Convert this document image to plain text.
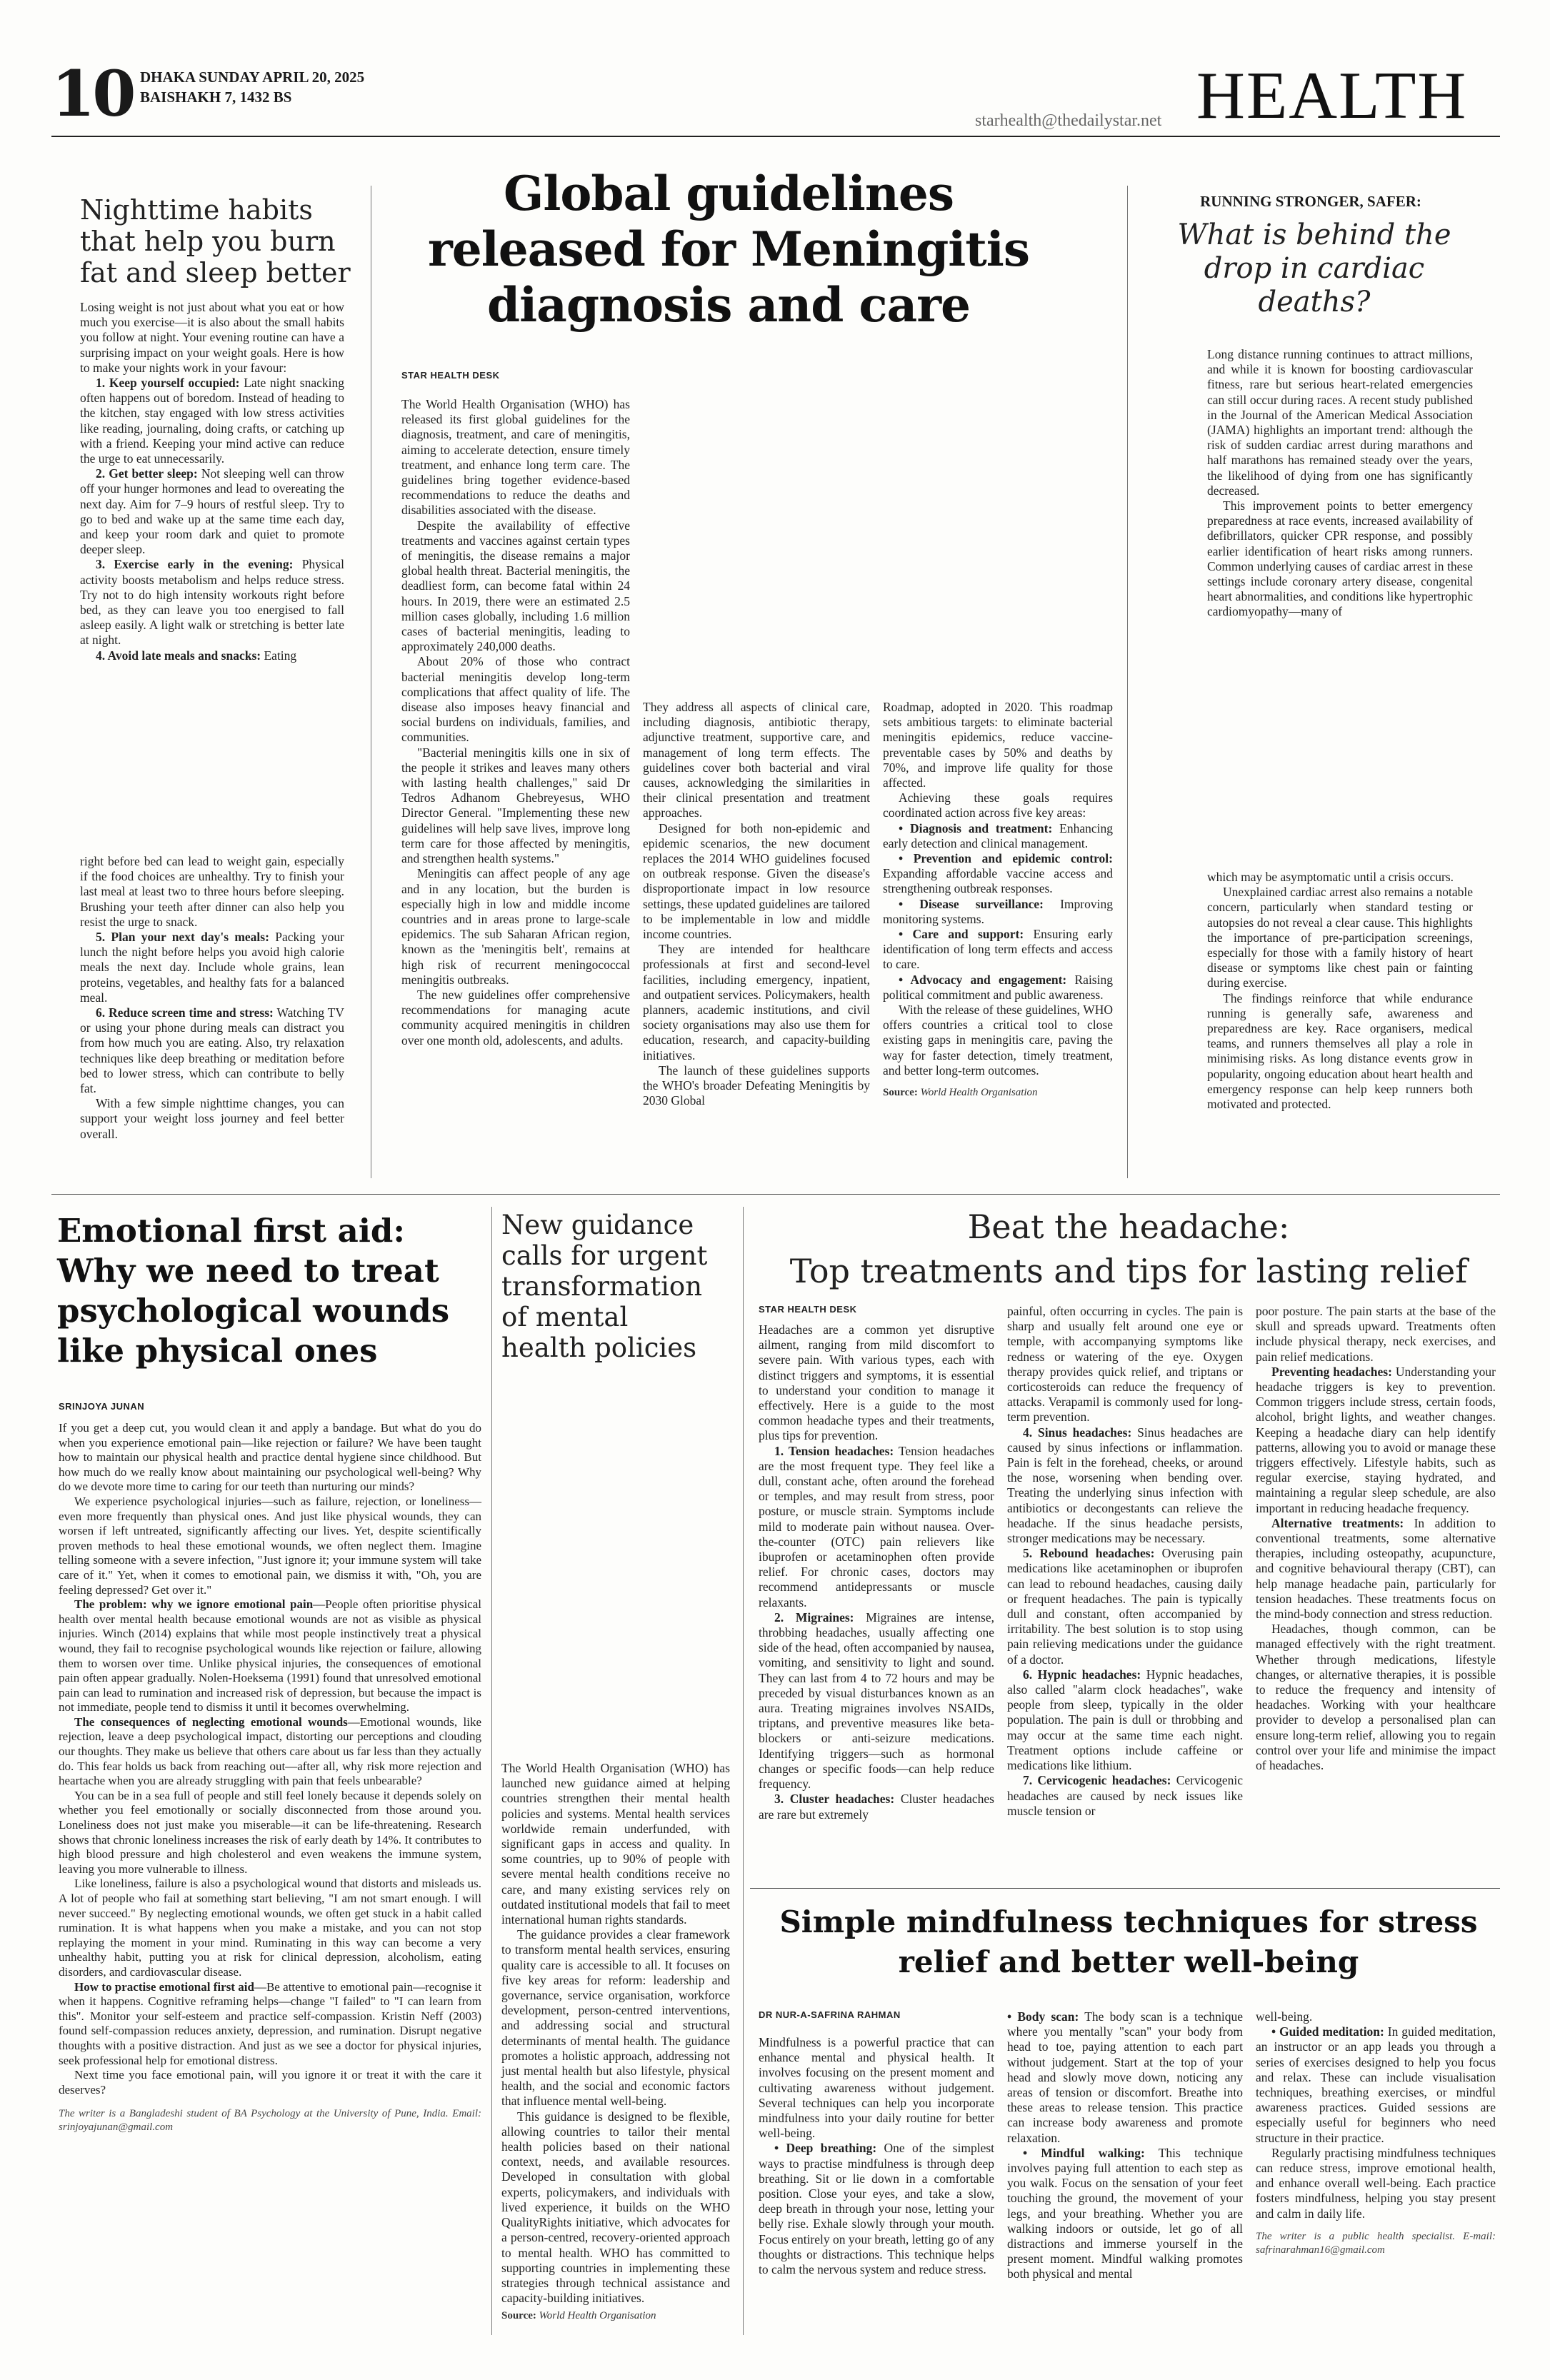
10 DHAKA SUNDAY APRIL 20, 2025
BAISHAKH 7, 1432 BS
starhealth@thedailystar.net HEALTH
Nighttime habits that help you burn fat and sleep better

Losing weight is not just about what you eat or how much you exercise—it is also about the small habits you follow at night. Your evening routine can have a surprising impact on your weight goals. Here is how to make your nights work in your favour:

1. Keep yourself occupied: Late night snacking often happens out of boredom. Instead of heading to the kitchen, stay engaged with low stress activities like reading, journaling, doing crafts, or catching up with a friend. Keeping your mind active can reduce the urge to eat unnecessarily.

2. Get better sleep: Not sleeping well can throw off your hunger hormones and lead to overeating the next day. Aim for 7–9 hours of restful sleep. Try to go to bed and wake up at the same time each day, and keep your room dark and quiet to promote deeper sleep.

3. Exercise early in the evening: Physical activity boosts metabolism and helps reduce stress. Try not to do high intensity workouts right before bed, as they can leave you too energised to fall asleep easily. A light walk or stretching is better late at night.

4. Avoid late meals and snacks: Eating

right before bed can lead to weight gain, especially if the food choices are unhealthy. Try to finish your last meal at least two to three hours before sleeping. Brushing your teeth after dinner can also help you resist the urge to snack.

5. Plan your next day's meals: Packing your lunch the night before helps you avoid high calorie meals the next day. Include whole grains, lean proteins, vegetables, and healthy fats for a balanced meal.

6. Reduce screen time and stress: Watching TV or using your phone during meals can distract you from how much you are eating. Also, try relaxation techniques like deep breathing or meditation before bed to lower stress, which can contribute to belly fat.

With a few simple nighttime changes, you can support your weight loss journey and feel better overall.

Global guidelines released for Meningitis diagnosis and care
STAR HEALTH DESK

The World Health Organisation (WHO) has released its first global guidelines for the diagnosis, treatment, and care of meningitis, aiming to accelerate detection, ensure timely treatment, and enhance long term care. The guidelines bring together evidence-based recommendations to reduce the deaths and disabilities associated with the disease.

Despite the availability of effective treatments and vaccines against certain types of meningitis, the disease remains a major global health threat. Bacterial meningitis, the deadliest form, can become fatal within 24 hours. In 2019, there were an estimated 2.5 million cases globally, including 1.6 million cases of bacterial meningitis, leading to approximately 240,000 deaths.

About 20% of those who contract bacterial meningitis develop long-term complications that affect quality of life. The disease also imposes heavy financial and social burdens on individuals, families, and communities.

"Bacterial meningitis kills one in six of the people it strikes and leaves many others with lasting health challenges," said Dr Tedros Adhanom Ghebreyesus, WHO Director General. "Implementing these new guidelines will help save lives, improve long term care for those affected by meningitis, and strengthen health systems."

Meningitis can affect people of any age and in any location, but the burden is especially high in low and middle income countries and in areas prone to large-scale epidemics. The sub Saharan African region, known as the 'meningitis belt', remains at high risk of recurrent meningococcal meningitis outbreaks.

The new guidelines offer comprehensive recommendations for managing acute community acquired meningitis in children over one month old, adolescents, and adults.

They address all aspects of clinical care, including diagnosis, antibiotic therapy, adjunctive treatment, supportive care, and management of long term effects. The guidelines cover both bacterial and viral causes, acknowledging the similarities in their clinical presentation and treatment approaches.

Designed for both non-epidemic and epidemic scenarios, the new document replaces the 2014 WHO guidelines focused on outbreak response. Given the disease's disproportionate impact in low resource settings, these updated guidelines are tailored to be implementable in low and middle income countries.

They are intended for healthcare professionals at first and second-level facilities, including emergency, inpatient, and outpatient services. Policymakers, health planners, academic institutions, and civil society organisations may also use them for education, research, and capacity-building initiatives.

The launch of these guidelines supports the WHO's broader Defeating Meningitis by 2030 Global

Roadmap, adopted in 2020. This roadmap sets ambitious targets: to eliminate bacterial meningitis epidemics, reduce vaccine-preventable cases by 50% and deaths by 70%, and improve life quality for those affected.

Achieving these goals requires coordinated action across five key areas:

• Diagnosis and treatment: Enhancing early detection and clinical management.

• Prevention and epidemic control: Expanding affordable vaccine access and strengthening outbreak responses.

• Disease surveillance: Improving monitoring systems.

• Care and support: Ensuring early identification of long term effects and access to care.

• Advocacy and engagement: Raising political commitment and public awareness.

With the release of these guidelines, WHO offers countries a critical tool to close existing gaps in meningitis care, paving the way for faster detection, timely treatment, and better long-term outcomes.

Source: World Health Organisation
RUNNING STRONGER, SAFER:
What is behind the drop in cardiac deaths?

Long distance running continues to attract millions, and while it is known for boosting cardiovascular fitness, rare but serious heart-related emergencies can still occur during races. A recent study published in the Journal of the American Medical Association (JAMA) highlights an important trend: although the risk of sudden cardiac arrest during marathons and half marathons has remained steady over the years, the likelihood of dying from one has significantly decreased.

This improvement points to better emergency preparedness at race events, increased availability of defibrillators, quicker CPR response, and possibly earlier identification of heart risks among runners. Common underlying causes of cardiac arrest in these settings include coronary artery disease, congenital heart abnormalities, and conditions like hypertrophic cardiomyopathy—many of

which may be asymptomatic until a crisis occurs.

Unexplained cardiac arrest also remains a notable concern, particularly when standard testing or autopsies do not reveal a clear cause. This highlights the importance of pre-participation screenings, especially for those with a family history of heart disease or symptoms like chest pain or fainting during exercise.

The findings reinforce that while endurance running is generally safe, awareness and preparedness are key. Race organisers, medical teams, and runners themselves all play a role in minimising risks. As long distance events grow in popularity, ongoing education about heart health and emergency response can help keep runners both motivated and protected.

Emotional first aid: Why we need to treat psychological wounds like physical ones
SRINJOYA JUNAN

If you get a deep cut, you would clean it and apply a bandage. But what do you do when you experience emotional pain—like rejection or failure? We have been taught how to maintain our physical health and practice dental hygiene since childhood. But how much do we really know about maintaining our psychological well-being? Why do we devote more time to caring for our teeth than nurturing our minds?

We experience psychological injuries—such as failure, rejection, or loneliness—even more frequently than physical ones. And just like physical wounds, they can worsen if left untreated, significantly affecting our lives. Yet, despite scientifically proven methods to heal these emotional wounds, we often neglect them. Imagine telling someone with a severe infection, "Just ignore it; your immune system will take care of it." Yet, when it comes to emotional pain, we dismiss it with, "Oh, you are feeling depressed? Get over it."

The problem: why we ignore emotional pain—People often prioritise physical health over mental health because emotional wounds are not as visible as physical injuries. Winch (2014) explains that while most people instinctively treat a physical wound, they fail to recognise psychological wounds like rejection or failure, allowing them to worsen over time. Unlike physical injuries, the consequences of emotional pain often appear gradually. Nolen-Hoeksema (1991) found that unresolved emotional pain can lead to rumination and increased risk of depression, but because the impact is not immediate, people tend to dismiss it until it becomes overwhelming.

The consequences of neglecting emotional wounds—Emotional wounds, like rejection, leave a deep psychological impact, distorting our perceptions and clouding our thoughts. They make us believe that others care about us far less than they actually do. This fear holds us back from reaching out—after all, why risk more rejection and heartache when you are already struggling with pain that feels unbearable?

You can be in a sea full of people and still feel lonely because it depends solely on whether you feel emotionally or socially disconnected from those around you. Loneliness does not just make you miserable—it can be life-threatening. Research shows that chronic loneliness increases the risk of early death by 14%. It contributes to high blood pressure and high cholesterol and even weakens the immune system, leaving you more vulnerable to illness.

Like loneliness, failure is also a psychological wound that distorts and misleads us. A lot of people who fail at something start believing, "I am not smart enough. I will never succeed." By neglecting emotional wounds, we often get stuck in a habit called rumination. It is what happens when you make a mistake, and you can not stop replaying the moment in your mind. Ruminating in this way can become a very unhealthy habit, putting you at risk for clinical depression, alcoholism, eating disorders, and cardiovascular disease.

How to practise emotional first aid—Be attentive to emotional pain—recognise it when it happens. Cognitive reframing helps—change "I failed" to "I can learn from this". Monitor your self-esteem and practice self-compassion. Kristin Neff (2003) found self-compassion reduces anxiety, depression, and rumination. Disrupt negative thoughts with a positive distraction. And just as we see a doctor for physical injuries, seek professional help for emotional distress.

Next time you face emotional pain, will you ignore it or treat it with the care it deserves?

The writer is a Bangladeshi student of BA Psychology at the University of Pune, India. Email: srinjoyajunan@gmail.com
New guidance calls for urgent transformation of mental health policies

The World Health Organisation (WHO) has launched new guidance aimed at helping countries strengthen their mental health policies and systems. Mental health services worldwide remain underfunded, with significant gaps in access and quality. In some countries, up to 90% of people with severe mental health conditions receive no care, and many existing services rely on outdated institutional models that fail to meet international human rights standards.

The guidance provides a clear framework to transform mental health services, ensuring quality care is accessible to all. It focuses on five key areas for reform: leadership and governance, service organisation, workforce development, person-centred interventions, and addressing social and structural determinants of mental health. The guidance promotes a holistic approach, addressing not just mental health but also lifestyle, physical health, and the social and economic factors that influence mental well-being.

This guidance is designed to be flexible, allowing countries to tailor their mental health policies based on their national context, needs, and available resources. Developed in consultation with global experts, policymakers, and individuals with lived experience, it builds on the WHO QualityRights initiative, which advocates for a person-centred, recovery-oriented approach to mental health. WHO has committed to supporting countries in implementing these strategies through technical assistance and capacity-building initiatives.

Source: World Health Organisation
Beat the headache:
Top treatments and tips for lasting relief
STAR HEALTH DESK

Headaches are a common yet disruptive ailment, ranging from mild discomfort to severe pain. With various types, each with distinct triggers and symptoms, it is essential to understand your condition to manage it effectively. Here is a guide to the most common headache types and their treatments, plus tips for prevention.

1. Tension headaches: Tension headaches are the most frequent type. They feel like a dull, constant ache, often around the forehead or temples, and may result from stress, poor posture, or muscle strain. Symptoms include mild to moderate pain without nausea. Over-the-counter (OTC) pain relievers like ibuprofen or acetaminophen often provide relief. For chronic cases, doctors may recommend antidepressants or muscle relaxants.

2. Migraines: Migraines are intense, throbbing headaches, usually affecting one side of the head, often accompanied by nausea, vomiting, and sensitivity to light and sound. They can last from 4 to 72 hours and may be preceded by visual disturbances known as an aura. Treating migraines involves NSAIDs, triptans, and preventive measures like beta-blockers or anti-seizure medications. Identifying triggers—such as hormonal changes or specific foods—can help reduce frequency.

3. Cluster headaches: Cluster headaches are rare but extremely

painful, often occurring in cycles. The pain is sharp and usually felt around one eye or temple, with accompanying symptoms like redness or watering of the eye. Oxygen therapy provides quick relief, and triptans or corticosteroids can reduce the frequency of attacks. Verapamil is commonly used for long-term prevention.

4. Sinus headaches: Sinus headaches are caused by sinus infections or inflammation. Pain is felt in the forehead, cheeks, or around the nose, worsening when bending over. Treating the underlying sinus infection with antibiotics or decongestants can relieve the headache. If the sinus headache persists, stronger medications may be necessary.

5. Rebound headaches: Overusing pain medications like acetaminophen or ibuprofen can lead to rebound headaches, causing daily or frequent headaches. The pain is typically dull and constant, often accompanied by irritability. The best solution is to stop using pain relieving medications under the guidance of a doctor.

6. Hypnic headaches: Hypnic headaches, also called "alarm clock headaches", wake people from sleep, typically in the older population. The pain is dull or throbbing and may occur at the same time each night. Treatment options include caffeine or medications like lithium.

7. Cervicogenic headaches: Cervicogenic headaches are caused by neck issues like muscle tension or

poor posture. The pain starts at the base of the skull and spreads upward. Treatments often include physical therapy, neck exercises, and pain relief medications.

Preventing headaches: Understanding your headache triggers is key to prevention. Common triggers include stress, certain foods, alcohol, bright lights, and weather changes. Keeping a headache diary can help identify patterns, allowing you to avoid or manage these triggers effectively. Lifestyle habits, such as regular exercise, staying hydrated, and maintaining a regular sleep schedule, are also important in reducing headache frequency.

Alternative treatments: In addition to conventional treatments, some alternative therapies, including osteopathy, acupuncture, and cognitive behavioural therapy (CBT), can help manage headache pain, particularly for tension headaches. These treatments focus on the mind-body connection and stress reduction.

Headaches, though common, can be managed effectively with the right treatment. Whether through medications, lifestyle changes, or alternative therapies, it is possible to reduce the frequency and intensity of headaches. Working with your healthcare provider to develop a personalised plan can ensure long-term relief, allowing you to regain control over your life and minimise the impact of headaches.

Simple mindfulness techniques for stress
relief and better well-being
DR NUR-A-SAFRINA RAHMAN

Mindfulness is a powerful practice that can enhance mental and physical health. It involves focusing on the present moment and cultivating awareness without judgement. Several techniques can help you incorporate mindfulness into your daily routine for better well-being.

• Deep breathing: One of the simplest ways to practise mindfulness is through deep breathing. Sit or lie down in a comfortable position. Close your eyes, and take a slow, deep breath in through your nose, letting your belly rise. Exhale slowly through your mouth. Focus entirely on your breath, letting go of any thoughts or distractions. This technique helps to calm the nervous system and reduce stress.

• Body scan: The body scan is a technique where you mentally "scan" your body from head to toe, paying attention to each part without judgement. Start at the top of your head and slowly move down, noticing any areas of tension or discomfort. Breathe into these areas to release tension. This practice can increase body awareness and promote relaxation.

• Mindful walking: This technique involves paying full attention to each step as you walk. Focus on the sensation of your feet touching the ground, the movement of your legs, and your breathing. Whether you are walking indoors or outside, let go of all distractions and immerse yourself in the present moment. Mindful walking promotes both physical and mental

well-being.

• Guided meditation: In guided meditation, an instructor or an app leads you through a series of exercises designed to help you focus and relax. These can include visualisation techniques, breathing exercises, or mindful awareness practices. Guided sessions are especially useful for beginners who need structure in their practice.

Regularly practising mindfulness techniques can reduce stress, improve emotional health, and enhance overall well-being. Each practice fosters mindfulness, helping you stay present and calm in daily life.

The writer is a public health specialist. E-mail: safrinarahman16@gmail.com
